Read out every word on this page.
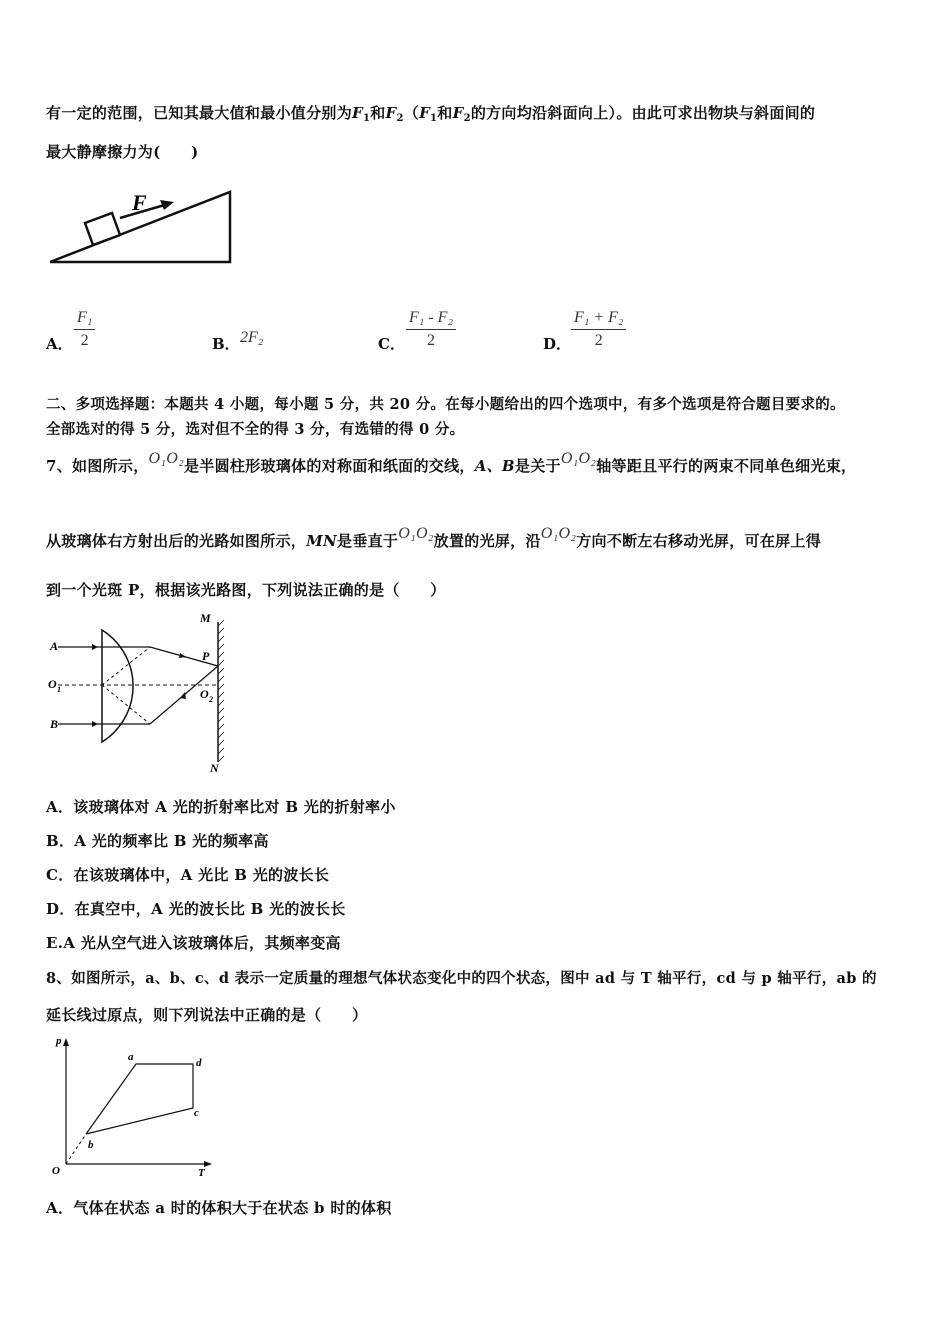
有一定的范围，已知其最大值和最小值分别为$F_1$和$F_2(F_1$和$F_2$的方向均沿斜面向上）。由此可求出物块与斜面间的
最大静摩擦力为(　　)
F
A．
F₁
2	B． 2F₂	C．
F₁ - F₂
2	D．
F₁ + F₂
2
二、多项选择题：本题共 4 小题，每小题 5 分，共 20 分。在每小题给出的四个选项中，有多个选项是符合题目要求的。
全部选对的得 5 分，选对但不全的得 3 分，有选错的得 0 分。
7、如图所示，O₁O₂是半圆柱形玻璃体的对称面和纸面的交线，A、B是关于O₁O₂轴等距且平行的两束不同单色细光束，
从玻璃体右方射出后的光路如图所示，MN是垂直于O₁O₂放置的光屏，沿O₁O₂方向不断左右移动光屏，可在屏上得
到一个光斑 P，根据该光路图，下列说法正确的是（　　）
A
O 1
B
M
P
O 2
N
A．该玻璃体对 A 光的折射率比对 B 光的折射率小
B．A 光的频率比 B 光的频率高
C．在该玻璃体中，A 光比 B 光的波长长
D．在真空中，A 光的波长比 B 光的波长长
E.A 光从空气进入该玻璃体后，其频率变高
8、如图所示，a、b、c、d 表示一定质量的理想气体状态变化中的四个状态，图中 ad 与 T 轴平行，cd 与 p 轴平行，ab 的
延长线过原点，则下列说法中正确的是（　　）
p
T
O
a
b
c
d
A．气体在状态 a 时的体积大于在状态 b 时的体积
